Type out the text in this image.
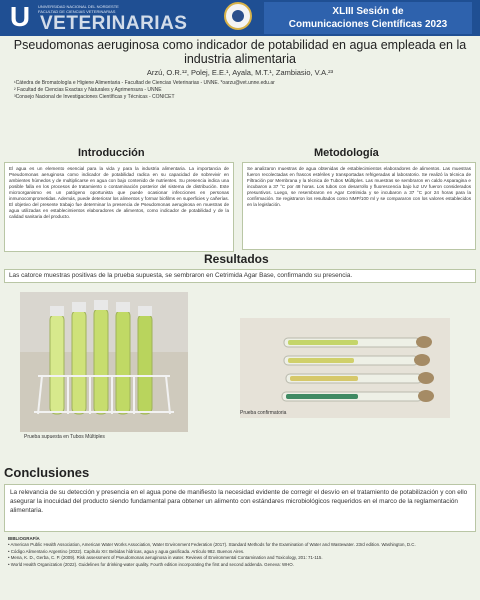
U	UNIVERSIDAD NACIONAL DEL NORDESTE
FACULTAD DE CIENCIAS VETERINARIAS
VETERINARIAS
XLIII Sesión de
Comunicaciones Científicas 2023
Pseudomonas aeruginosa como indicador de potabilidad en agua empleada en la industria alimentaria
Arzú, O.R.¹², Polej, E.E.¹, Ayala, M.T.¹, Zambiasio, V.A.²³
¹Cátedra de Bromatología e Higiene Alimentaria - Facultad de Ciencias Veterinarias - UNNE. *oarzu@vet.unne.edu.ar
² Facultad de Ciencias Exactas y Naturales y Agrimensura - UNNE
³Consejo Nacional de Investigaciones Científicas y Técnicas - CONICET
Introducción
El agua es un elemento esencial para la vida y para la industria alimentaria. La importancia de Pseudomonas aeruginosa como indicador de potabilidad radica en su capacidad de sobrevivir en ambientes húmedos y de multiplicarse en agua con bajo contenido de nutrientes. Su presencia indica una posible falla en los procesos de tratamiento o contaminación posterior del sistema de distribución. Este microorganismo es un patógeno oportunista que puede ocasionar infecciones en personas inmunocomprometidas. Además, puede deteriorar los alimentos y formar biofilms en superficies y cañerías. El objetivo del presente trabajo fue determinar la presencia de Pseudomonas aeruginosa en muestras de agua utilizadas en establecimientos elaboradores de alimentos, como indicador de potabilidad y de la calidad sanitaria del producto.
Metodología
Se analizaron muestras de agua obtenidas de establecimientos elaboradores de alimentos. Las muestras fueron recolectadas en frascos estériles y transportadas refrigeradas al laboratorio. Se realizó la técnica de Filtración por Membrana y la técnica de Tubos Múltiples. Las muestras se sembraron en caldo Asparagina e incubaron a 37 °C por 48 horas. Los tubos con desarrollo y fluorescencia bajo luz UV fueron considerados presuntivos. Luego, se resembraron en Agar Cetrimida y se incubaron a 37 °C por 24 horas para la confirmación. Se registraron los resultados como NMP/100 ml y se compararon con los valores establecidos en la legislación.
Resultados
Las catorce muestras positivas de la prueba supuesta, se sembraron en Cetrimida Agar Base, confirmando su presencia.
Prueba supuesta en Tubos Múltiples
Prueba confirmatoria
Conclusiones
La relevancia de su detección y presencia en el agua pone de manifiesto la necesidad evidente de corregir el desvío en el tratamiento de potabilización y con ello asegurar la inocuidad del producto siendo fundamental para obtener un alimento con estándares microbiológicos requeridos en el marco de la reglamentación alimentaria.
BIBLIOGRAFÍA
• American Public Health Association, American Water Works Association, Water Environment Federation (2017). Standard Methods for the Examination of Water and Wastewater. 23rd edition. Washington, D.C.
• Código Alimentario Argentino (2022). Capítulo XII: Bebidas hídricas, agua y agua gasificada. Artículo 982. Buenos Aires.
• Mena, K. D., Gerba, C. P. (2009). Risk assessment of Pseudomonas aeruginosa in water. Reviews of Environmental Contamination and Toxicology, 201: 71-115.
• World Health Organization (2022). Guidelines for drinking-water quality. Fourth edition incorporating the first and second addenda. Geneva: WHO.
